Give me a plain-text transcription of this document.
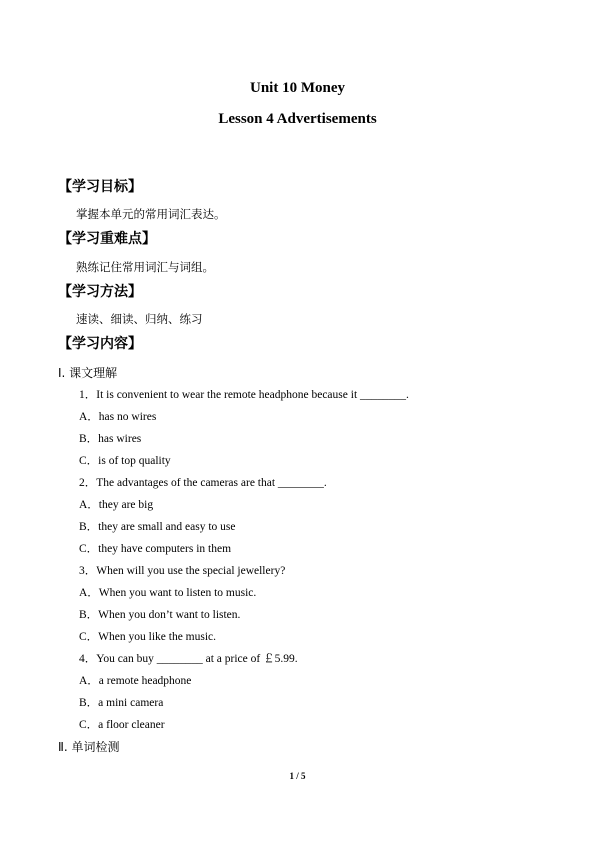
Unit 10 Money
Lesson 4 Advertisements
【学习目标】
掌握本单元的常用词汇表达。
【学习重难点】
熟练记住常用词汇与词组。
【学习方法】
速读、细读、归纳、练习
【学习内容】
Ⅰ. 课文理解
1．It is convenient to wear the remote headphone because it ________.
A．has no wires
B．has wires
C．is of top quality
2．The advantages of the cameras are that ________.
A．they are big
B．they are small and easy to use
C．they have computers in them
3．When will you use the special jewellery?
A．When you want to listen to music.
B．When you don’t want to listen.
C．When you like the music.
4．You can buy ________ at a price of ￡5.99.
A．a remote headphone
B．a mini camera
C．a floor cleaner
Ⅱ. 单词检测
1 / 5
